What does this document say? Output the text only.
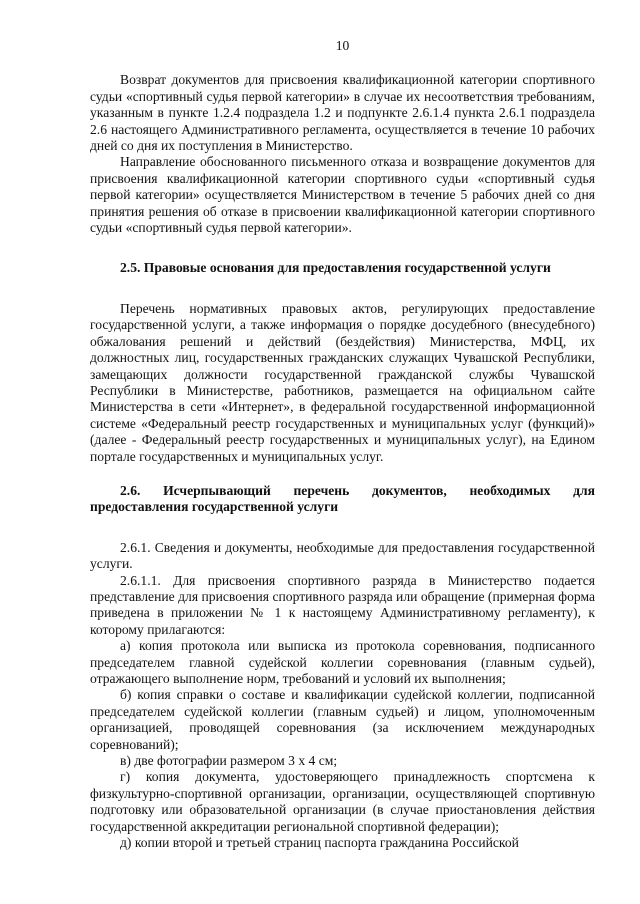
10

Возврат документов для присвоения квалификационной категории спортивного судьи «спортивный судья первой категории» в случае их несоответствия требованиям, указанным в пункте 1.2.4 подраздела 1.2 и подпункте 2.6.1.4 пункта 2.6.1 подраздела 2.6 настоящего Административного регламента, осуществляется в течение 10 рабочих дней со дня их поступления в Министерство.

Направление обоснованного письменного отказа и возвращение документов для присвоения квалификационной категории спортивного судьи «спортивный судья первой категории» осуществляется Министерством в течение 5 рабочих дней со дня принятия решения об отказе в присвоении квалификационной категории спортивного судьи «спортивный судья первой категории».

2.5. Правовые основания для предоставления государственной услуги

Перечень нормативных правовых актов, регулирующих предоставление государственной услуги, а также информация о порядке досудебного (внесудебного) обжалования решений и действий (бездействия) Министерства, МФЦ, их должностных лиц, государственных гражданских служащих Чувашской Республики, замещающих должности государственной гражданской службы Чувашской Республики в Министерстве, работников, размещается на официальном сайте Министерства в сети «Интернет», в федеральной государственной информационной системе «Федеральный реестр государственных и муниципальных услуг (функций)» (далее - Федеральный реестр государственных и муниципальных услуг), на Едином портале государственных и муниципальных услуг.

2.6. Исчерпывающий перечень документов, необходимых для предоставления государственной услуги

2.6.1. Сведения и документы, необходимые для предоставления государственной услуги.

2.6.1.1. Для присвоения спортивного разряда в Министерство подается представление для присвоения спортивного разряда или обращение (примерная форма приведена в приложении № 1 к настоящему Административному регламенту), к которому прилагаются:

а) копия протокола или выписка из протокола соревнования, подписанного председателем главной судейской коллегии соревнования (главным судьей), отражающего выполнение норм, требований и условий их выполнения;

б) копия справки о составе и квалификации судейской коллегии, подписанной председателем судейской коллегии (главным судьей) и лицом, уполномоченным организацией, проводящей соревнования (за исключением международных соревнований);

в) две фотографии размером 3 х 4 см;

г) копия документа, удостоверяющего принадлежность спортсмена к физкультурно-спортивной организации, организации, осуществляющей спортивную подготовку или образовательной организации (в случае приостановления действия государственной аккредитации региональной спортивной федерации);

д) копии второй и третьей страниц паспорта гражданина Российской
